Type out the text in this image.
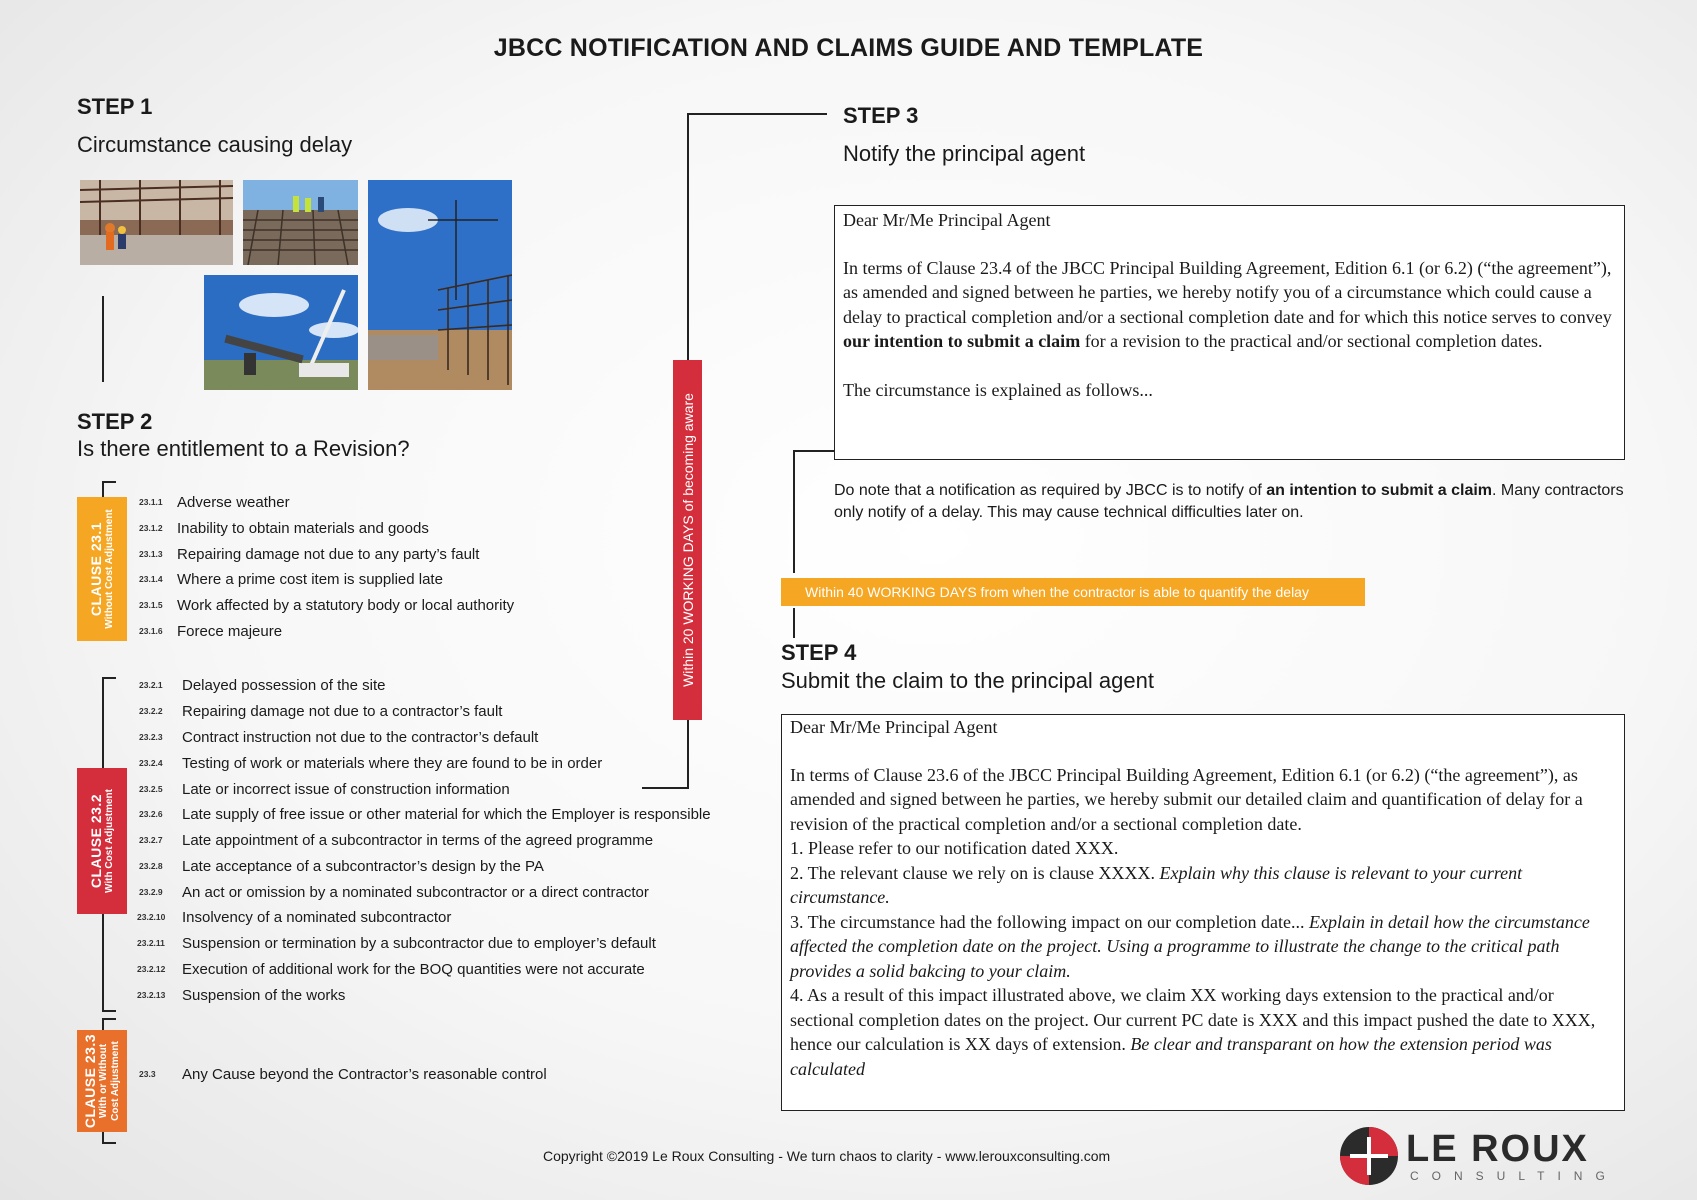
JBCC NOTIFICATION AND CLAIMS GUIDE AND TEMPLATE
STEP 1
Circumstance causing delay
STEP 2
Is there entitlement to a Revision?
CLAUSE 23.1 Without Cost Adjustment
CLAUSE 23.2 With Cost Adjustment
CLAUSE 23.3 With or Without Cost Adjustment
23.1.1 Adverse weather
23.1.2 Inability to obtain materials and goods
23.1.3 Repairing damage not due to any party’s fault
23.1.4 Where a prime cost item is supplied late
23.1.5 Work affected by a statutory body or local authority
23.1.6 Forece majeure
23.2.1 Delayed possession of the site
23.2.2 Repairing damage not due to a contractor’s fault
23.2.3 Contract instruction not due to the contractor’s default
23.2.4 Testing of work or materials where they are found to be in order
23.2.5 Late or incorrect issue of construction information
23.2.6 Late supply of free issue or other material for which the Employer is responsible
23.2.7 Late appointment of a subcontractor in terms of the agreed programme
23.2.8 Late acceptance of a subcontractor’s design by the PA
23.2.9 An act or omission by a nominated subcontractor or a direct contractor
23.2.10 Insolvency of a nominated subcontractor
23.2.11 Suspension or termination by a subcontractor due to employer’s default
23.2.12 Execution of additional work for the BOQ quantities were not accurate
23.2.13 Suspension of the works
23.3 Any Cause beyond the Contractor’s reasonable control
Within 20 WORKING DAYS of becoming aware
STEP 3
Notify the principal agent

Dear Mr/Me Principal Agent

In terms of Clause 23.4 of the JBCC Principal Building Agreement, Edition 6.1 (or 6.2) (“the agreement”), as amended and signed between he parties, we hereby notify you of a circumstance which could cause a delay to practical completion and/or a sectional completion date and for which this notice serves to convey our intention to submit a claim for a revision to the practical and/or sectional completion dates.

The circumstance is explained as follows...

Do note that a notification as required by JBCC is to notify of an intention to submit a claim. Many contractors only notify of a delay. This may cause technical difficulties later on.
Within 40 WORKING DAYS from when the contractor is able to quantify the delay
STEP 4
Submit the claim to the principal agent

Dear Mr/Me Principal Agent

In terms of Clause 23.6 of the JBCC Principal Building Agreement, Edition 6.1 (or 6.2) (“the agreement”), as amended and signed between he parties, we hereby submit our detailed claim and quantification of delay for a revision of the practical completion and/or a sectional completion date.

1. Please refer to our notification dated XXX.

2. The relevant clause we rely on is clause XXXX. Explain why this clause is relevant to your current circumstance.

3. The circumstance had the following impact on our completion date... Explain in detail how the circumstance affected the completion date on the project. Using a programme to illustrate the change to the critical path provides a solid bakcing to your claim.

4. As a result of this impact illustrated above, we claim XX working days extension to the practical and/or sectional completion dates on the project. Our current PC date is XXX and this impact pushed the date to XXX, hence our calculation is XX days of extension. Be clear and transparant on how the extension period was calculated

Copyright ©2019 Le Roux Consulting - We turn chaos to clarity - www.lerouxconsulting.com	LE ROUX
CONSULTING
